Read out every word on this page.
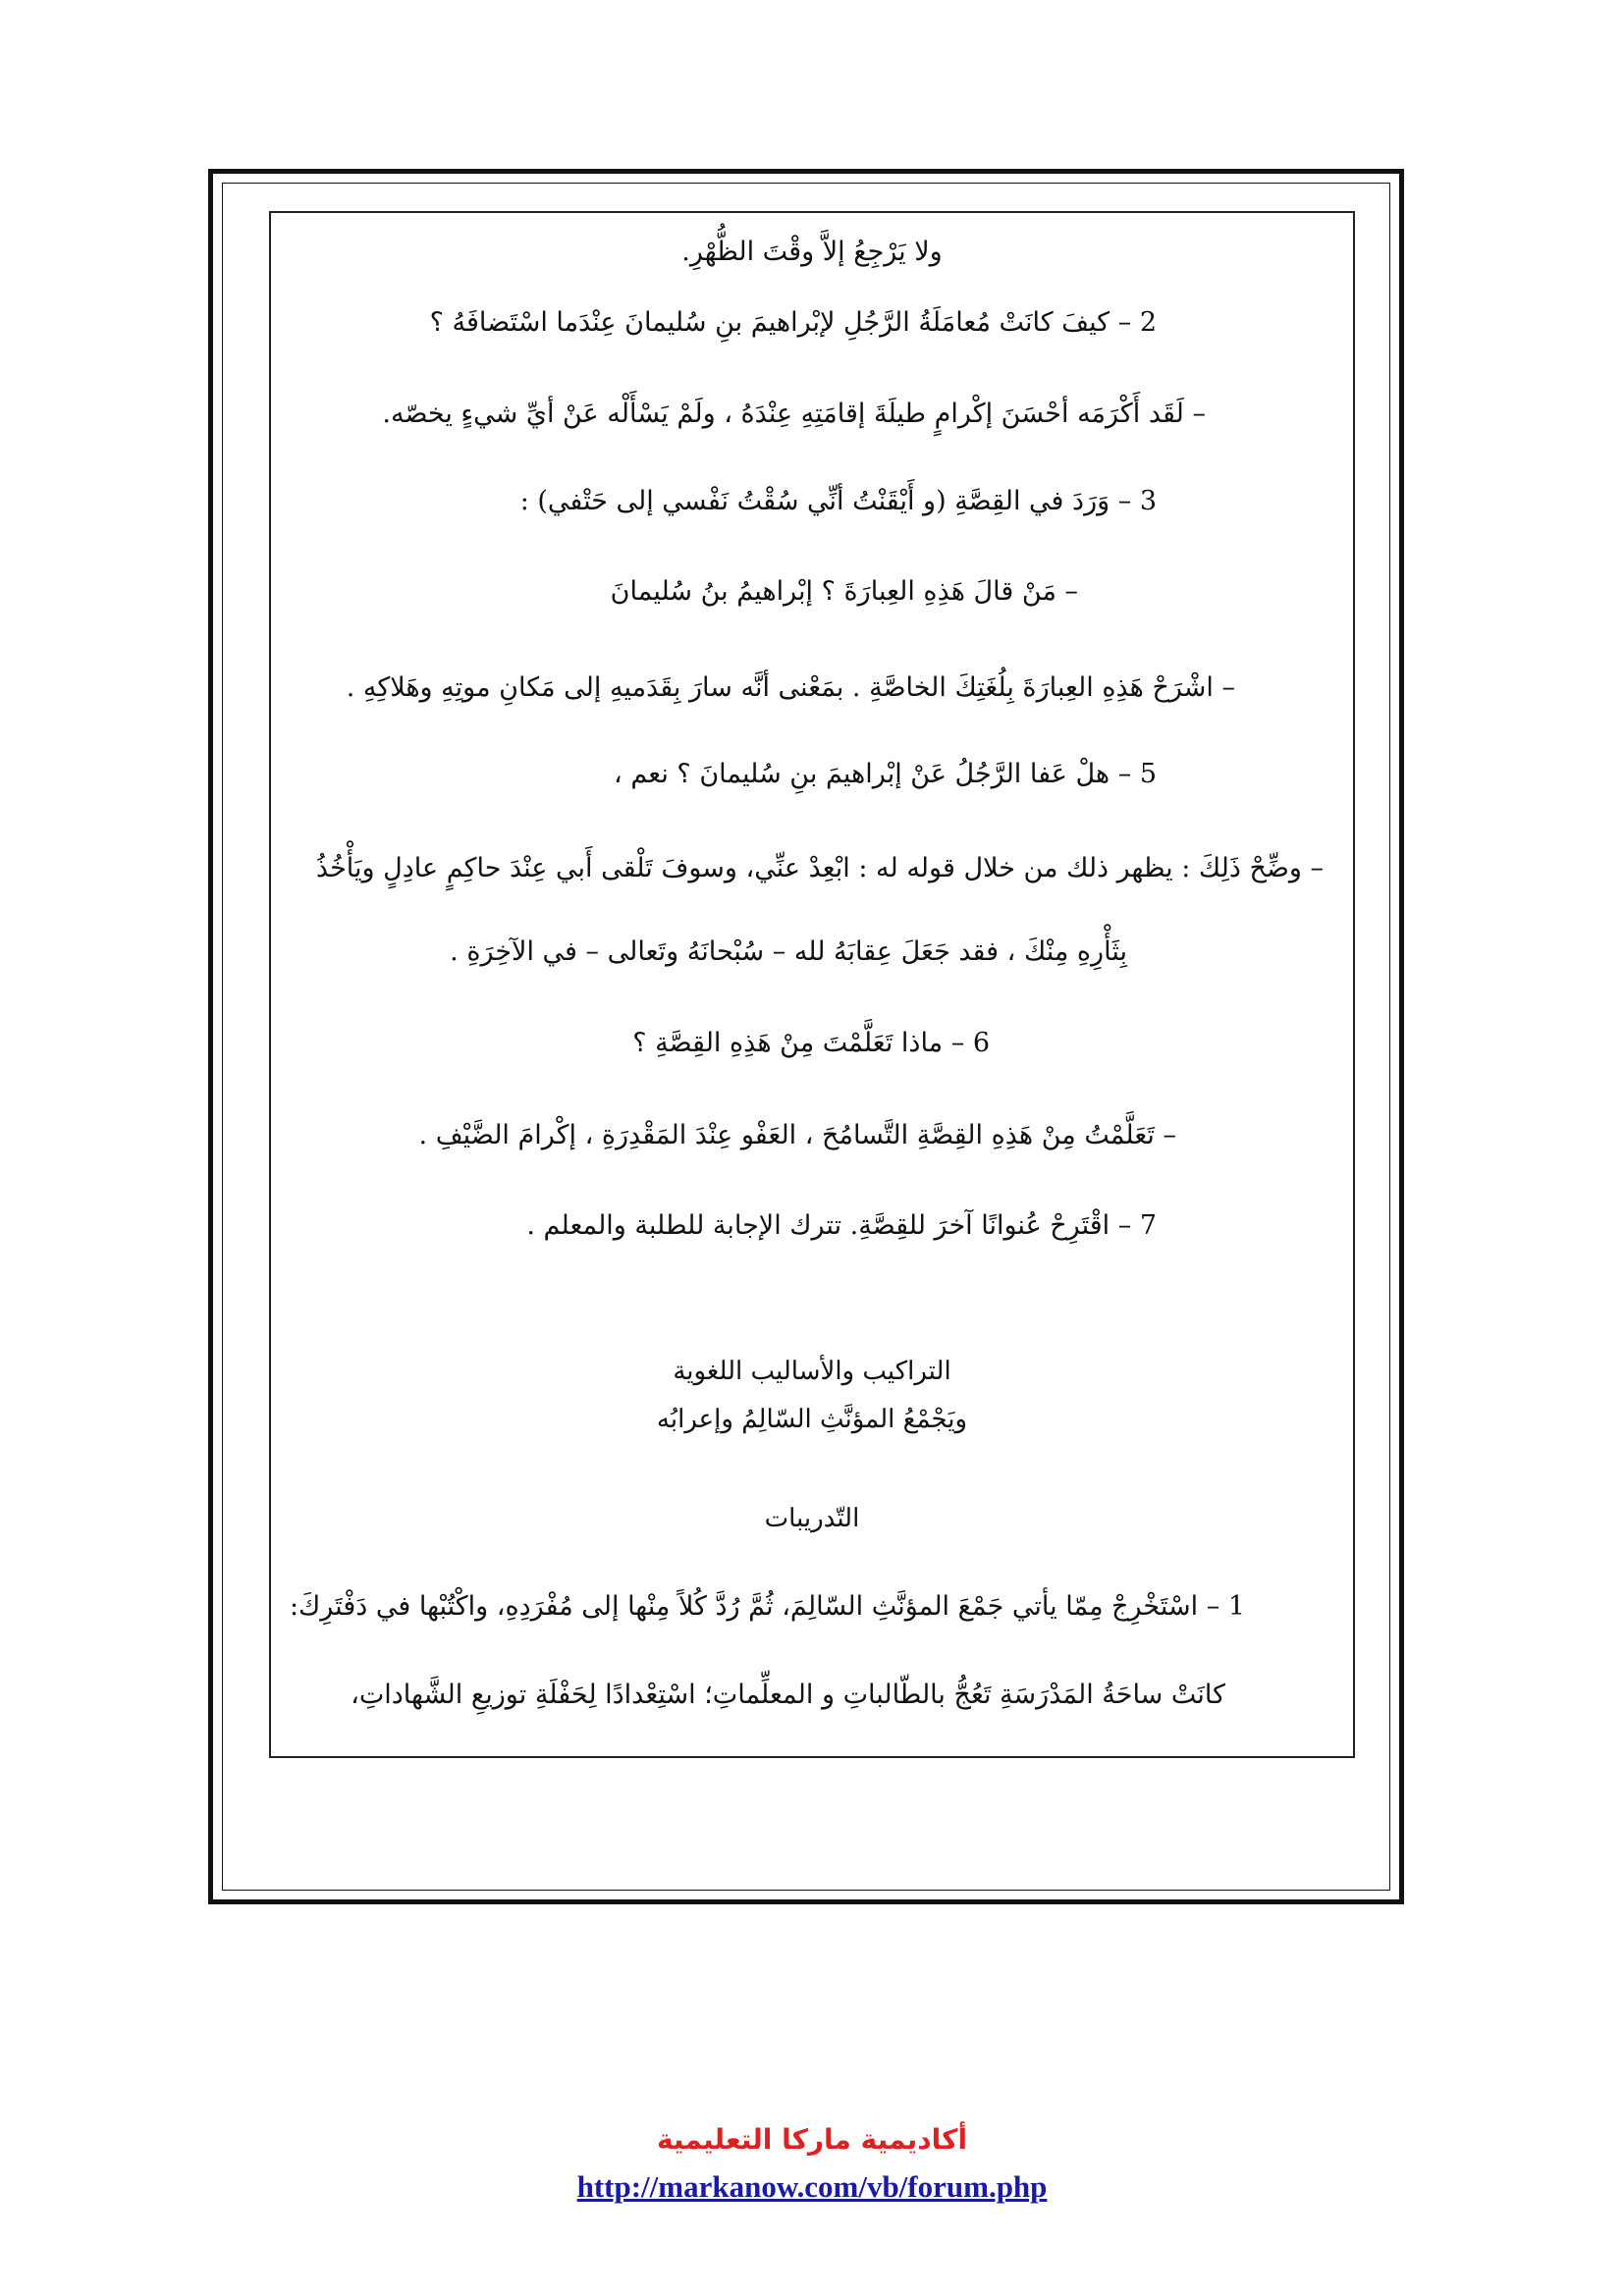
ولا يَرْجِعُ إلاَّ وقْتَ الظُّهْرِ.
2 – كيفَ كانَتْ مُعامَلَةُ الرَّجُلِ لإبْراهيمَ بنِ سُليمانَ عِنْدَما اسْتَضافَهُ ؟
– لَقَد أَكْرَمَه أحْسَنَ إكْرامٍ طيلَةَ إقامَتِهِ عِنْدَهُ ، ولَمْ يَسْأَلْه عَنْ أيِّ شيءٍ يخصّه.
3 – وَرَدَ في القِصَّةِ (و أَيْقَنْتُ أنِّي سُقْتُ نَفْسي إلى حَتْفي) :
– مَنْ قالَ هَذِهِ العِبارَةَ ؟ إبْراهيمُ بنُ سُليمانَ
– اشْرَحْ هَذِهِ العِبارَةَ بِلُغَتِكَ الخاصَّةِ . بمَعْنى أنَّه سارَ بِقَدَميهِ إلى مَكانِ موتِهِ وهَلاكِهِ .
5 – هلْ عَفا الرَّجُلُ عَنْ إبْراهيمَ بنِ سُليمانَ ؟ نعم ،
– وضِّحْ ذَلِكَ : يظهر ذلك من خلال قوله له : ابْعِدْ عنِّي، وسوفَ تَلْقى أَبي عِنْدَ حاكِمٍ عادِلٍ ويَأْخُذُ
بِثَأْرِهِ مِنْكَ ، فقد جَعَلَ عِقابَهُ لله – سُبْحانَهُ وتَعالى – في الآخِرَةِ .
6 – ماذا تَعَلَّمْتَ مِنْ هَذِهِ القِصَّةِ ؟
– تَعَلَّمْتُ مِنْ هَذِهِ القِصَّةِ التَّسامُحَ ، العَفْو عِنْدَ المَقْدِرَةِ ، إكْرامَ الضَّيْفِ .
7 – اقْتَرِحْ عُنوانًا آخرَ للقِصَّةِ. تترك الإجابة للطلبة والمعلم .
التراكيب والأساليب اللغوية
ويَجْمْعُ المؤنَّثِ السّالِمُ وإعرابُه
التّدريبات
1 – اسْتَخْرِجْ مِمّا يأتي جَمْعَ المؤنَّثِ السّالِمَ، ثُمَّ رُدَّ كُلاً مِنْها إلى مُفْرَدِهِ، واكْتُبْها في دَفْتَرِكَ:
كانَتْ ساحَةُ المَدْرَسَةِ تَعُجُّ بالطّالباتِ و المعلِّماتِ؛ اسْتِعْدادًا لِحَفْلَةِ توزيعِ الشَّهاداتِ،
أكاديمية ماركا التعليمية
http://markanow.com/vb/forum.php
